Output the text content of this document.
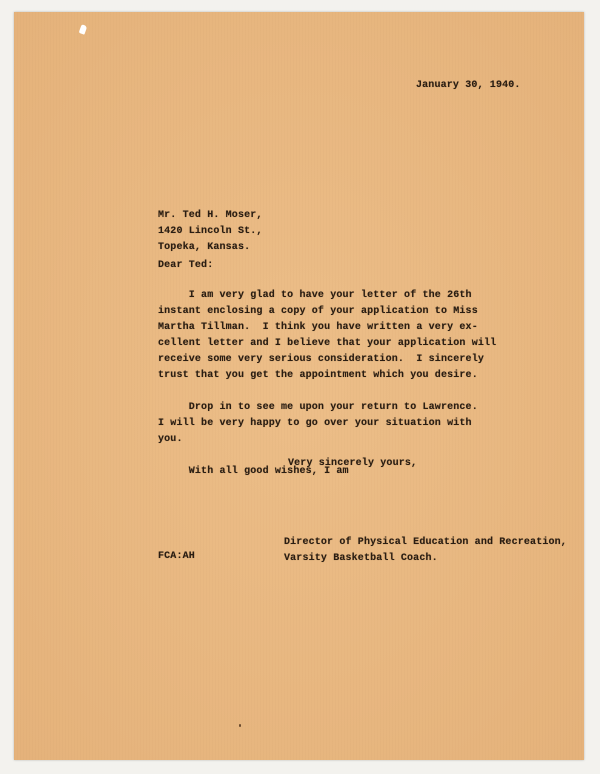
January 30, 1940.
Mr. Ted H. Moser,
1420 Lincoln St.,
Topeka, Kansas.
Dear Ted:
I am very glad to have your letter of the 26th
instant enclosing a copy of your application to Miss
Martha Tillman.  I think you have written a very ex-
cellent letter and I believe that your application will
receive some very serious consideration.  I sincerely
trust that you get the appointment which you desire.

Drop in to see me upon your return to Lawrence.
I will be very happy to go over your situation with
you.

With all good wishes, I am
Very sincerely yours,
Director of Physical Education and Recreation,
Varsity Basketball Coach.
FCA:AH
